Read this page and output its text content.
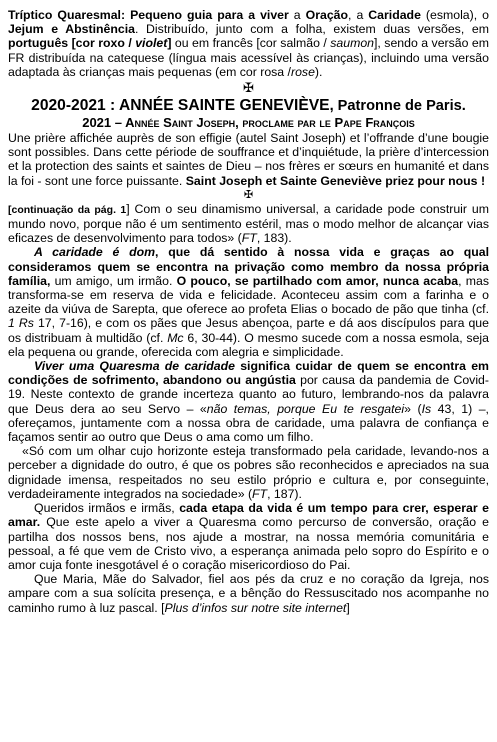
Tríptico Quaresmal: Pequeno guia para a viver a Oração, a Caridade (esmola), o Jejum e Abstinência. Distribuído, junto com a folha, existem duas versões, em português [cor roxo / violet] ou em francês [cor salmão / saumon], sendo a versão em FR distribuída na catequese (língua mais acessível às crianças), incluindo uma versão adaptada às crianças mais pequenas (em cor rosa /rose).

✠
2020-2021 : ANNÉE SAINTE GENEVIÈVE, Patronne de Paris.
2021 – Année Saint Joseph, proclame par le Pape François

Une prière affichée auprès de son effigie (autel Saint Joseph) et l’offrande d’une bougie sont possibles. Dans cette période de souffrance et d’inquiétude, la prière d’intercession et la protection des saints et saintes de Dieu – nos frères er sœurs en humanité et dans la foi - sont une force puissante. Saint Joseph et Sainte Geneviève priez pour nous !

✠

[continuação da pág. 1] Com o seu dinamismo universal, a caridade pode construir um mundo novo, porque não é um sentimento estéril, mas o modo melhor de alcançar vias eficazes de desenvolvimento para todos» (FT, 183).

A caridade é dom, que dá sentido à nossa vida e graças ao qual consideramos quem se encontra na privação como membro da nossa própria família, um amigo, um irmão. O pouco, se partilhado com amor, nunca acaba, mas transforma-se em reserva de vida e felicidade. Aconteceu assim com a farinha e o azeite da viúva de Sarepta, que oferece ao profeta Elias o bocado de pão que tinha (cf. 1 Rs 17, 7-16), e com os pães que Jesus abençoa, parte e dá aos discípulos para que os distribuam à multidão (cf. Mc 6, 30-44). O mesmo sucede com a nossa esmola, seja ela pequena ou grande, oferecida com alegria e simplicidade.

Viver uma Quaresma de caridade significa cuidar de quem se encontra em condições de sofrimento, abandono ou angústia por causa da pandemia de Covid-19. Neste contexto de grande incerteza quanto ao futuro, lembrando-nos da palavra que Deus dera ao seu Servo – «não temas, porque Eu te resgatei» (Is 43, 1) –, ofereçamos, juntamente com a nossa obra de caridade, uma palavra de confiança e façamos sentir ao outro que Deus o ama como um filho.

«Só com um olhar cujo horizonte esteja transformado pela caridade, levando-nos a perceber a dignidade do outro, é que os pobres são reconhecidos e apreciados na sua dignidade imensa, respeitados no seu estilo próprio e cultura e, por conseguinte, verdadeiramente integrados na sociedade» (FT, 187).

Queridos irmãos e irmãs, cada etapa da vida é um tempo para crer, esperar e amar. Que este apelo a viver a Quaresma como percurso de conversão, oração e partilha dos nossos bens, nos ajude a mostrar, na nossa memória comunitária e pessoal, a fé que vem de Cristo vivo, a esperança animada pelo sopro do Espírito e o amor cuja fonte inesgotável é o coração misericordioso do Pai.

Que Maria, Mãe do Salvador, fiel aos pés da cruz e no coração da Igreja, nos ampare com a sua solícita presença, e a bênção do Ressuscitado nos acompanhe no caminho rumo à luz pascal. [Plus d’infos sur notre site internet]
